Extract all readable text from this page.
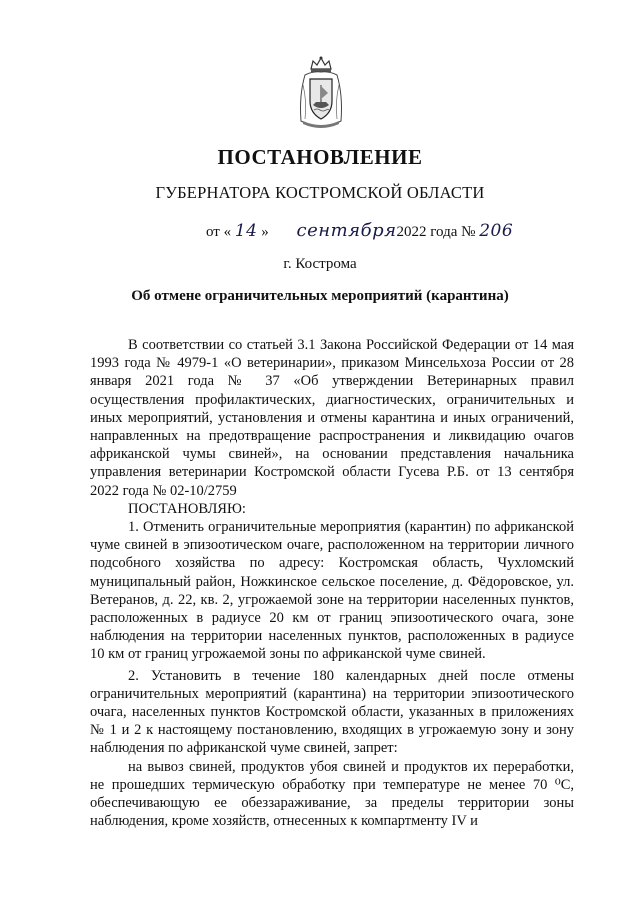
ПОСТАНОВЛЕНИЕ
ГУБЕРНАТОРА КОСТРОМСКОЙ ОБЛАСТИ
от « 14 » сентября2022 года № 206
г. Кострома
Об отмене ограничительных мероприятий (карантина)

В соответствии со статьей 3.1 Закона Российской Федерации от 14 мая 1993 года № 4979-1 «О ветеринарии», приказом Минсельхоза России от 28 января 2021 года № 37 «Об утверждении Ветеринарных правил осуществления профилактических, диагностических, ограничительных и иных мероприятий, установления и отмены карантина и иных ограничений, направленных на предотвращение распространения и ликвидацию очагов африканской чумы свиней», на основании представления начальника управления ветеринарии Костромской области Гусева Р.Б. от 13 сентября 2022 года № 02-10/2759

ПОСТАНОВЛЯЮ:

1. Отменить ограничительные мероприятия (карантин) по африканской чуме свиней в эпизоотическом очаге, расположенном на территории личного подсобного хозяйства по адресу: Костромская область, Чухломский муниципальный район, Ножкинское сельское поселение, д. Фёдоровское, ул. Ветеранов, д. 22, кв. 2, угрожаемой зоне на территории населенных пунктов, расположенных в радиусе 20 км от границ эпизоотического очага, зоне наблюдения на территории населенных пунктов, расположенных в радиусе 10 км от границ угрожаемой зоны по африканской чуме свиней.

2. Установить в течение 180 календарных дней после отмены ограничительных мероприятий (карантина) на территории эпизоотического очага, населенных пунктов Костромской области, указанных в приложениях № 1 и 2 к настоящему постановлению, входящих в угрожаемую зону и зону наблюдения по африканской чуме свиней, запрет:

на вывоз свиней, продуктов убоя свиней и продуктов их переработки, не прошедших термическую обработку при температуре не менее 70 ⁰С, обеспечивающую ее обеззараживание, за пределы территории зоны наблюдения, кроме хозяйств, отнесенных к компартменту IV и
